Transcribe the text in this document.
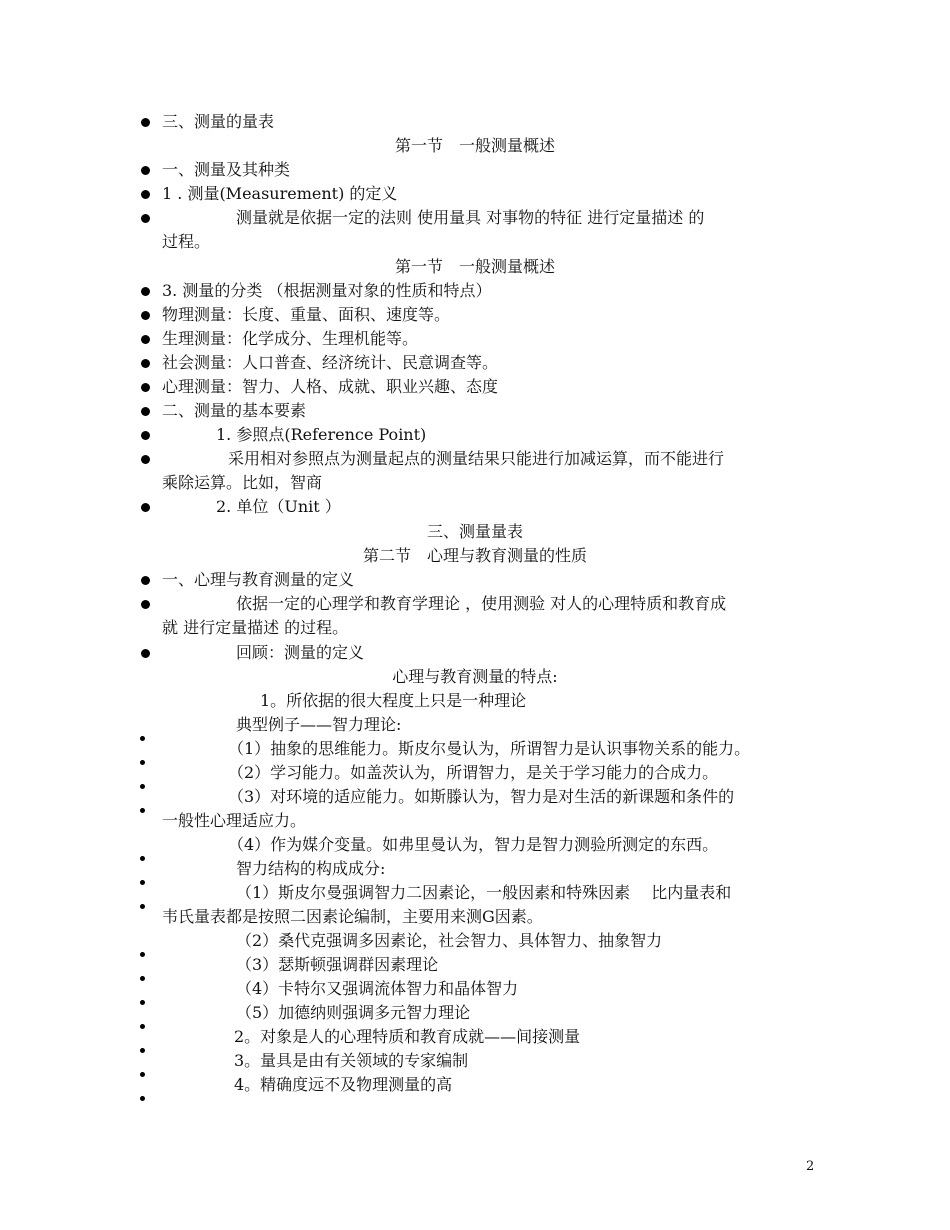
三、测量的量表
第一节　一般测量概述
一、测量及其种类
1 . 测量(Measurement) 的定义
测量就是依据一定的法则 使用量具 对事物的特征 进行定量描述 的
过程。
第一节　一般测量概述
3. 测量的分类 （根据测量对象的性质和特点）
物理测量：长度、重量、面积、速度等。
生理测量：化学成分、生理机能等。
社会测量：人口普查、经济统计、民意调查等。
心理测量：智力、人格、成就、职业兴趣、态度
二、测量的基本要素
1. 参照点(Reference Point)
采用相对参照点为测量起点的测量结果只能进行加减运算，而不能进行
乘除运算。比如，智商
2. 单位（Unit ）
三、测量量表
第二节　心理与教育测量的性质
一、心理与教育测量的定义
依据一定的心理学和教育学理论 ，使用测验 对人的心理特质和教育成
就 进行定量描述 的过程。
回顾：测量的定义
心理与教育测量的特点:
1。所依据的很大程度上只是一种理论
典型例子——智力理论:
（1）抽象的思维能力。斯皮尔曼认为，所谓智力是认识事物关系的能力。
（2）学习能力。如盖茨认为，所谓智力，是关于学习能力的合成力。
（3）对环境的适应能力。如斯滕认为，智力是对生活的新课题和条件的
一般性心理适应力。
（4）作为媒介变量。如弗里曼认为，智力是智力测验所测定的东西。
智力结构的构成成分:
（1）斯皮尔曼强调智力二因素论，一般因素和特殊因素　 比内量表和
韦氏量表都是按照二因素论编制，主要用来测G因素。
（2）桑代克强调多因素论，社会智力、具体智力、抽象智力
（3）瑟斯顿强调群因素理论
（4）卡特尔又强调流体智力和晶体智力
（5）加德纳则强调多元智力理论
2。对象是人的心理特质和教育成就——间接测量
3。量具是由有关领域的专家编制
4。精确度远不及物理测量的高
2
